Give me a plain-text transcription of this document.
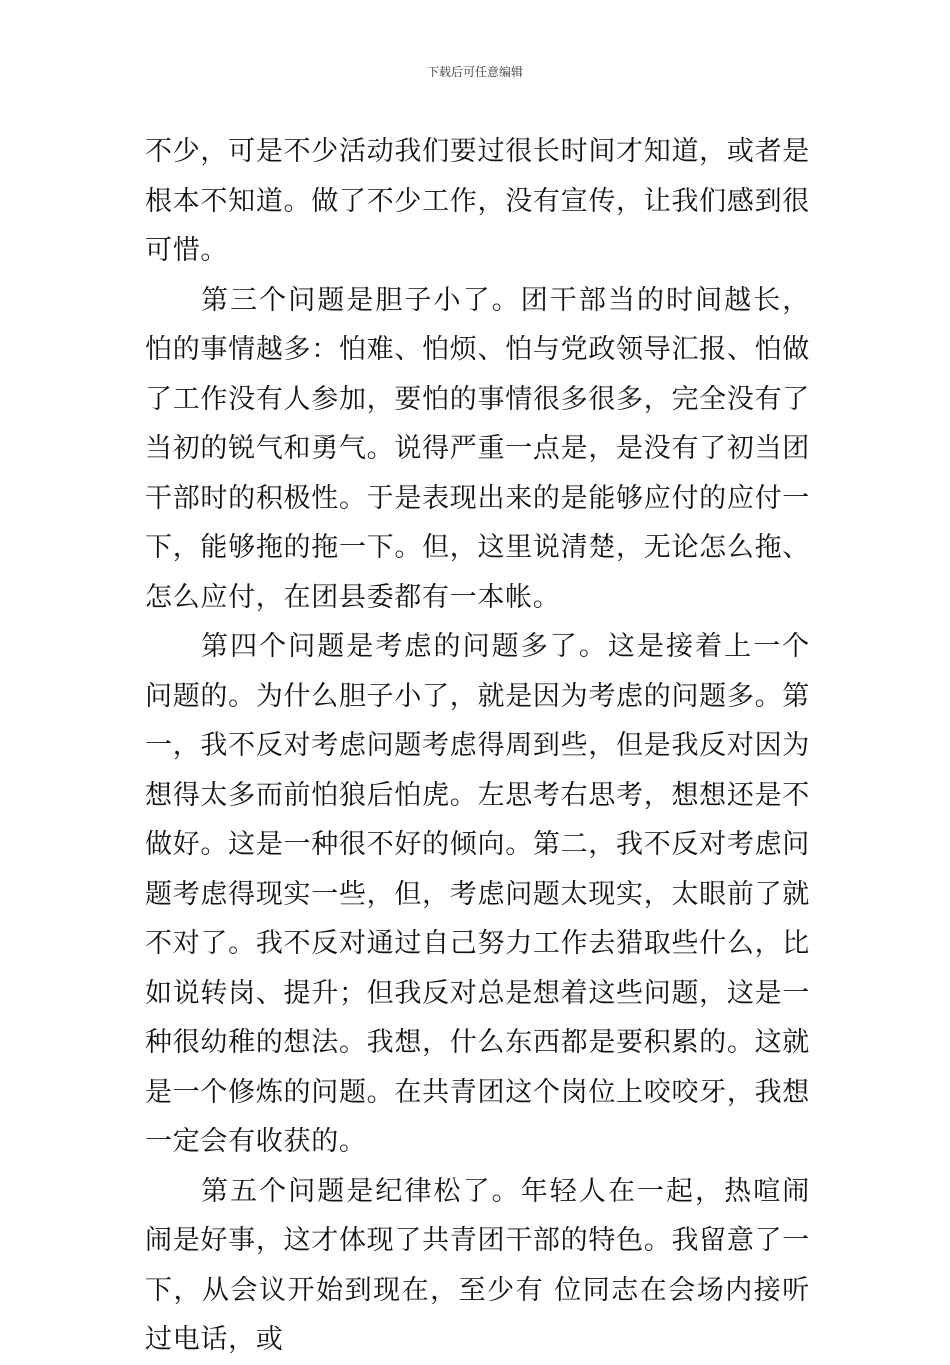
下载后可任意编辑

不少，可是不少活动我们要过很长时间才知道，或者是根本不知道。做了不少工作，没有宣传，让我们感到很可惜。

第三个问题是胆子小了。团干部当的时间越长，怕的事情越多：怕难、怕烦、怕与党政领导汇报、怕做了工作没有人参加，要怕的事情很多很多，完全没有了当初的锐气和勇气。说得严重一点是，是没有了初当团干部时的积极性。于是表现出来的是能够应付的应付一下，能够拖的拖一下。但，这里说清楚，无论怎么拖、怎么应付，在团县委都有一本帐。

第四个问题是考虑的问题多了。这是接着上一个问题的。为什么胆子小了，就是因为考虑的问题多。第一，我不反对考虑问题考虑得周到些，但是我反对因为想得太多而前怕狼后怕虎。左思考右思考，想想还是不做好。这是一种很不好的倾向。第二，我不反对考虑问题考虑得现实一些，但，考虑问题太现实，太眼前了就不对了。我不反对通过自己努力工作去猎取些什么，比如说转岗、提升；但我反对总是想着这些问题，这是一种很幼稚的想法。我想，什么东西都是要积累的。这就是一个修炼的问题。在共青团这个岗位上咬咬牙，我想一定会有收获的。

第五个问题是纪律松了。年轻人在一起，热喧闹闹是好事，这才体现了共青团干部的特色。我留意了一下，从会议开始到现在，至少有 位同志在会场内接听过电话，或
